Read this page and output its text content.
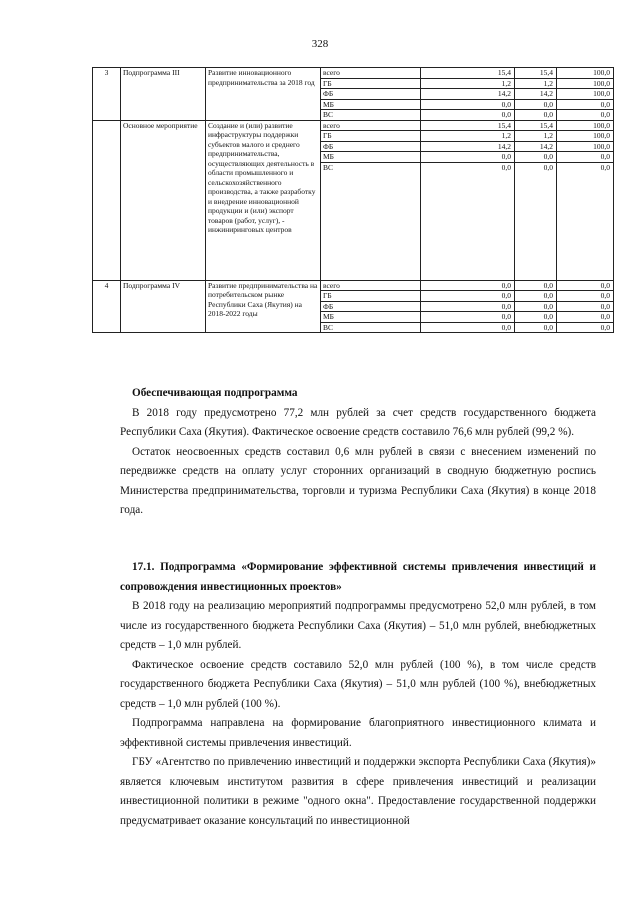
328
3	Подпрограмма III	Развитие инновационного предпринимательства за 2018 год	всего	15,4	15,4	100,0
			ГБ	1,2	1,2	100,0
			ФБ	14,2	14,2	100,0
			МБ	0,0	0,0	0,0
			ВС	0,0	0,0	0,0
	Основное мероприятие	Создание и (или) развитие инфраструктуры поддержки субъектов малого и среднего предпринимательства, осуществляющих деятельность в области промышленного и сельскохозяйственного производства, а также разработку и внедрение инновационной продукции и (или) экспорт товаров (работ, услуг), - инжиниринговых центров	всего	15,4	15,4	100,0
			ГБ	1,2	1,2	100,0
			ФБ	14,2	14,2	100,0
			МБ	0,0	0,0	0,0
			ВС	0,0	0,0	0,0
4	Подпрограмма IV	Развитие предпринимательства на потребительском рынке Республики Саха (Якутия) на 2018-2022 годы	всего	0,0	0,0	0,0
			ГБ	0,0	0,0	0,0
			ФБ	0,0	0,0	0,0
			МБ	0,0	0,0	0,0
			ВС	0,0	0,0	0,0

Обеспечивающая подпрограмма

В 2018 году предусмотрено 77,2 млн рублей за счет средств государственного бюджета Республики Саха (Якутия). Фактическое освоение средств составило 76,6 млн рублей (99,2 %).

Остаток неосвоенных средств составил 0,6 млн рублей в связи с внесением изменений по передвижке средств на оплату услуг сторонних организаций в сводную бюджетную роспись Министерства предпринимательства, торговли и туризма Республики Саха (Якутия) в конце 2018 года.

17.1. Подпрограмма «Формирование эффективной системы привлечения инвестиций и сопровождения инвестиционных проектов»

В 2018 году на реализацию мероприятий подпрограммы предусмотрено 52,0 млн рублей, в том числе из государственного бюджета Республики Саха (Якутия) – 51,0 млн рублей, внебюджетных средств – 1,0 млн рублей.

Фактическое освоение средств составило 52,0 млн рублей (100 %), в том числе средств государственного бюджета Республики Саха (Якутия) – 51,0 млн рублей (100 %), внебюджетных средств – 1,0 млн рублей (100 %).

Подпрограмма направлена на формирование благоприятного инвестиционного климата и эффективной системы привлечения инвестиций.

ГБУ «Агентство по привлечению инвестиций и поддержки экспорта Республики Саха (Якутия)» является ключевым институтом развития в сфере привлечения инвестиций и реализации инвестиционной политики в режиме "одного окна". Предоставление государственной поддержки предусматривает оказание консультаций по инвестиционной
